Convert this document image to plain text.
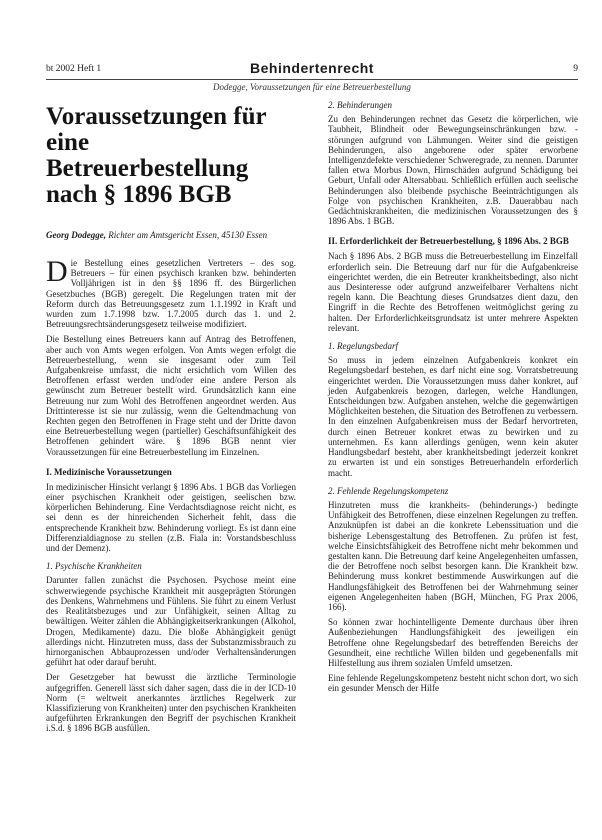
bt 2002 Heft 1	Behindertenrecht	9
Dodegge, Voraussetzungen für eine Betreuerbestellung
Voraussetzungen für eine Betreuerbestellung nach § 1896 BGB
Georg Dodegge, Richter am Amtsgericht Essen, 45130 Essen

Die Bestellung eines gesetzlichen Vertreters – des sog. Betreuers – für einen psychisch kranken bzw. behinderten Volljährigen ist in den §§ 1896 ff. des Bürgerlichen Gesetzbuches (BGB) geregelt. Die Regelungen traten mit der Reform durch das Betreuungsgesetz zum 1.1.1992 in Kraft und wurden zum 1.7.1998 bzw. 1.7.2005 durch das 1. und 2. Betreuungsrechtsänderungsgesetz teilweise modifiziert.

Die Bestellung eines Betreuers kann auf Antrag des Betroffenen, aber auch von Amts wegen erfolgen. Von Amts wegen erfolgt die Betreuerbestellung, wenn sie insgesamt oder zum Teil Aufgabenkreise umfasst, die nicht ersichtlich vom Willen des Betroffenen erfasst werden und/oder eine andere Person als gewünscht zum Betreuer bestellt wird. Grundsätzlich kann eine Betreuung nur zum Wohl des Betroffenen angeordnet werden. Aus Drittinteresse ist sie nur zulässig, wenn die Geltendmachung von Rechten gegen den Betroffenen in Frage steht und der Dritte davon eine Betreuerbestellung wegen (partieller) Geschäftsunfähigkeit des Betroffenen gehindert wäre. § 1896 BGB nennt vier Voraussetzungen für eine Betreuerbestellung im Einzelnen.

I. Medizinische Voraussetzungen

In medizinischer Hinsicht verlangt § 1896 Abs. 1 BGB das Vorliegen einer psychischen Krankheit oder geistigen, seelischen bzw. körperlichen Behinderung. Eine Verdachtsdiagnose reicht nicht, es sei denn es der hinreichenden Sicherheit fehlt, dass die entsprechende Krankheit bzw. Behinderung vorliegt. Es ist dann eine Differenzialdiagnose zu stellen (z.B. Fiala in: Vorstandsbeschluss und der Demenz).

1. Psychische Krankheiten

Darunter fallen zunächst die Psychosen. Psychose meint eine schwerwiegende psychische Krankheit mit ausgeprägten Störungen des Denkens, Wahrnehmens und Fühlens. Sie führt zu einem Verlust des Realitätsbezuges und zur Unfähigkeit, seinen Alltag zu bewältigen. Weiter zählen die Abhängigkeitserkrankungen (Alkohol, Drogen, Medikamente) dazu. Die bloße Abhängigkeit genügt allerdings nicht. Hinzutreten muss, dass der Substanzmissbrauch zu hirnorganischen Abbauprozessen und/oder Verhaltensänderungen geführt hat oder darauf beruht.

Der Gesetzgeber hat bewusst die ärztliche Terminologie aufgegriffen. Generell lässt sich daher sagen, dass die in der ICD-10 Norm (= weltweit anerkanntes ärztliches Regelwerk zur Klassifizierung von Krankheiten) unter den psychischen Krankheiten aufgeführten Erkrankungen den Begriff der psychischen Krankheit i.S.d. § 1896 BGB ausfüllen.

2. Behinderungen

Zu den Behinderungen rechnet das Gesetz die körperlichen, wie Taubheit, Blindheit oder Bewegungseinschränkungen bzw. -störungen aufgrund von Lähmungen. Weiter sind die geistigen Behinderungen, also angeborene oder später erworbene Intelligenzdefekte verschiedener Schweregrade, zu nennen. Darunter fallen etwa Morbus Down, Hirnschäden aufgrund Schädigung bei Geburt, Unfall oder Altersabbau. Schließlich erfüllen auch seelische Behinderungen also bleibende psychische Beeinträchtigungen als Folge von psychischen Krankheiten, z.B. Dauerabbau nach Gedächtniskrankheiten, die medizinischen Voraussetzungen des § 1896 Abs. 1 BGB.

II. Erforderlichkeit der Betreuerbestellung, § 1896 Abs. 2 BGB

Nach § 1896 Abs. 2 BGB muss die Betreuerbestellung im Einzelfall erforderlich sein. Die Betreuung darf nur für die Aufgabenkreise eingerichtet werden, die ein Betreuter krankheitsbedingt, also nicht aus Desinteresse oder aufgrund anzweifelbarer Verhaltens nicht regeln kann. Die Beachtung dieses Grundsatzes dient dazu, den Eingriff in die Rechte des Betroffenen weitmöglichst gering zu halten. Der Erforderlichkeitsgrundsatz ist unter mehrere Aspekten relevant.

1. Regelungsbedarf

So muss in jedem einzelnen Aufgabenkreis konkret ein Regelungsbedarf bestehen, es darf nicht eine sog. Vorratsbetreuung eingerichtet werden. Die Voraussetzungen muss daher konkret, auf jeden Aufgabenkreis bezogen, darlegen, welche Handlungen, Entscheidungen bzw. Aufgaben anstehen, welche die gegenwärtigen Möglichkeiten bestehen, die Situation des Betroffenen zu verbessern. In den einzelnen Aufgabenkreisen muss der Bedarf hervortreten, durch einen Betreuer konkret etwas zu bewirken und zu unternehmen. Es kann allerdings genügen, wenn kein akuter Handlungsbedarf besteht, aber krankheitsbedingt jederzeit konkret zu erwarten ist und ein sonstiges Betreuerhandeln erforderlich macht.

2. Fehlende Regelungskompetenz

Hinzutreten muss die krankheits- (behinderungs-) bedingte Unfähigkeit des Betroffenen, diese einzelnen Regelungen zu treffen. Anzuknüpfen ist dabei an die konkrete Lebenssituation und die bisherige Lebensgestaltung des Betroffenen. Zu prüfen ist fest, welche Einsichtsfähigkeit des Betroffene nicht mehr bekommen und gestalten kann. Die Betreuung darf keine Angelegenheiten umfassen, die der Betroffene noch selbst besorgen kann. Die Krankheit bzw. Behinderung muss konkret bestimmende Auswirkungen auf die Handlungsfähigkeit des Betroffenen bei der Wahrnehmung seiner eigenen Angelegenheiten haben (BGH, München, FG Prax 2006, 166).

So können zwar hochintelligente Demente durchaus über ihren Außenbeziehungen Handlungsfähigkeit des jeweiligen ein Betroffene ohne Regelungsbedarf des betreffenden Bereichs der Gesundheit, eine rechtliche Willen bilden und gegebenenfalls mit Hilfestellung aus ihrem sozialen Umfeld umsetzen.

Eine fehlende Regelungskompetenz besteht nicht schon dort, wo sich ein gesunder Mensch der Hilfe
